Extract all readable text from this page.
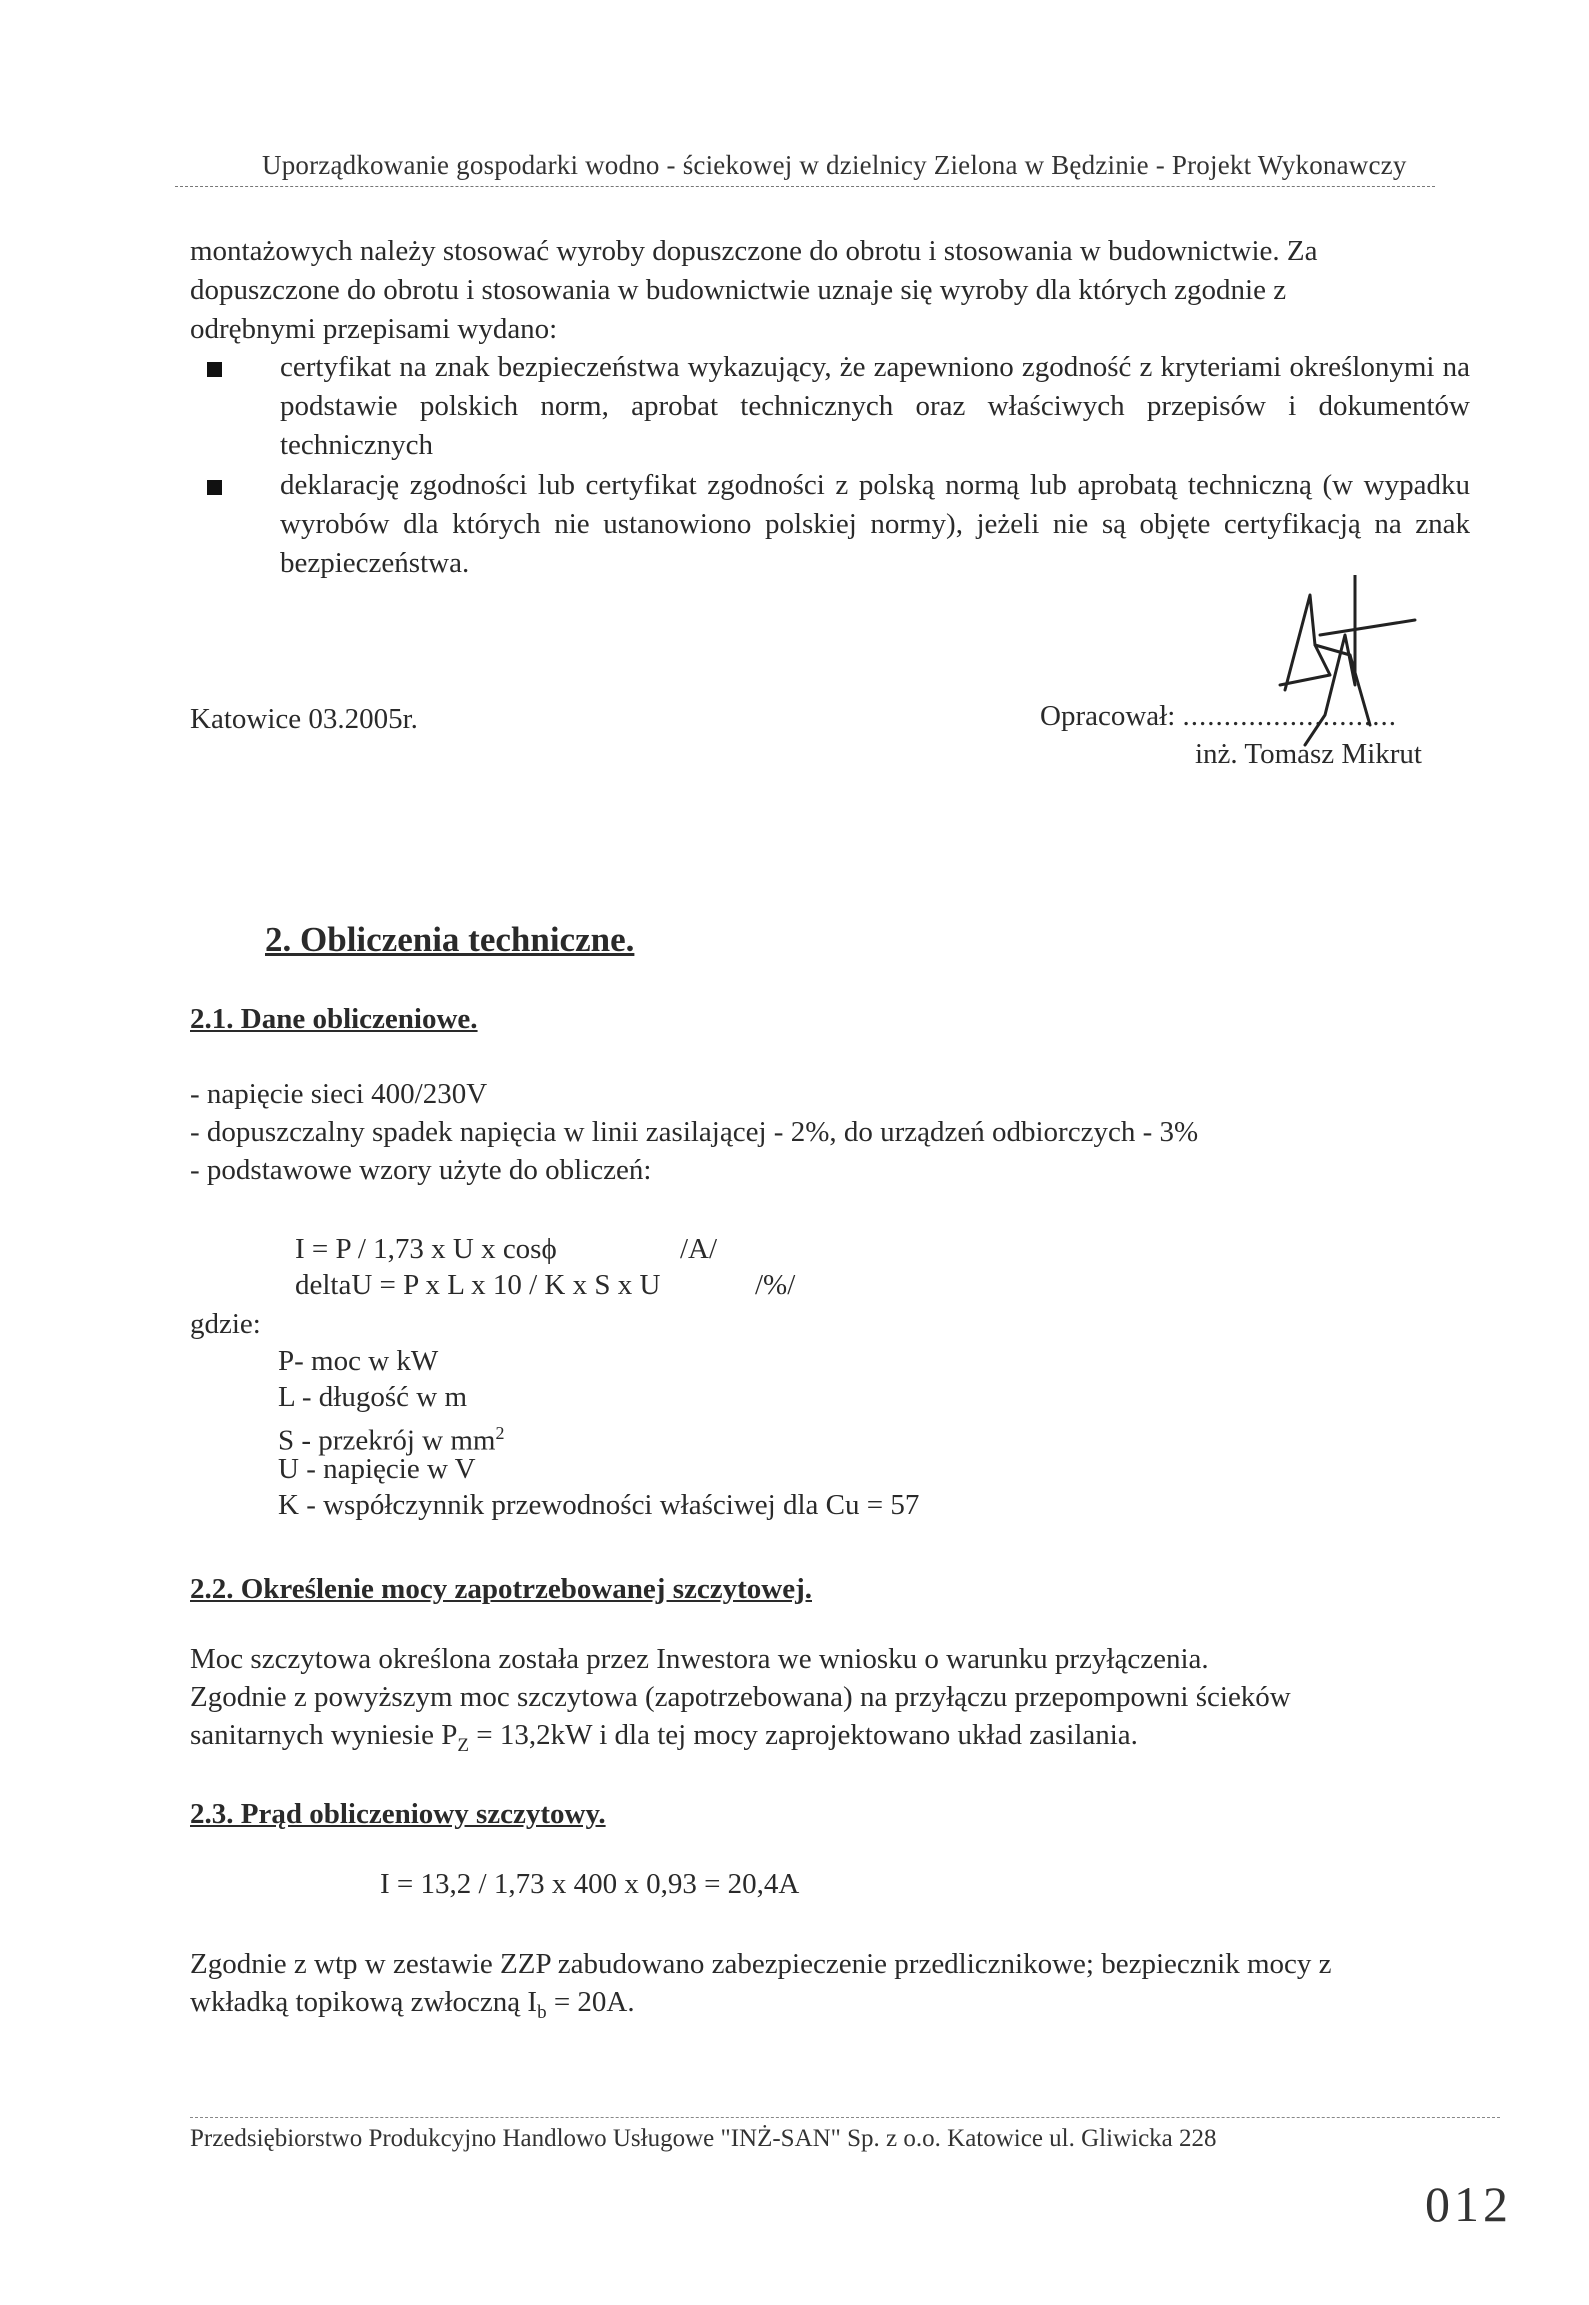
Uporządkowanie gospodarki wodno - ściekowej w dzielnicy Zielona w Będzinie - Projekt Wykonawczy
montażowych należy stosować wyroby dopuszczone do obrotu i stosowania w budownictwie. Za
dopuszczone do obrotu i stosowania w budownictwie uznaje się wyroby dla których zgodnie z
odrębnymi przepisami wydano:
certyfikat na znak bezpieczeństwa wykazujący, że zapewniono zgodność z kryteriami określonymi na podstawie polskich norm, aprobat technicznych oraz właściwych przepisów i dokumentów technicznych
deklarację zgodności lub certyfikat zgodności z polską normą lub aprobatą techniczną (w wypadku wyrobów dla których nie ustanowiono polskiej normy), jeżeli nie są objęte certyfikacją na znak bezpieczeństwa.
Katowice 03.2005r.	Opracował: ..........................
inż. Tomasz Mikrut
2. Obliczenia techniczne.
2.1. Dane obliczeniowe.
- napięcie sieci 400/230V
- dopuszczalny spadek napięcia w linii zasilającej - 2%, do urządzeń odbiorczych - 3%
- podstawowe wzory użyte do obliczeń:
I = P / 1,73 x U x cosϕ	/A/
deltaU = P x L x 10 / K x S x U	/%/
gdzie:
P- moc w kW
L - długość w m
S - przekrój w $mm^2$
U - napięcie w V
K - współczynnik przewodności właściwej dla Cu = 57
2.2. Określenie mocy zapotrzebowanej szczytowej.
Moc szczytowa określona została przez Inwestora we wniosku o warunku przyłączenia.
Zgodnie z powyższym moc szczytowa (zapotrzebowana) na przyłączu przepompowni ścieków
sanitarnych wyniesie $P_Z = 13,2kW$ i dla tej mocy zaprojektowano układ zasilania.
2.3. Prąd obliczeniowy szczytowy.
I = 13,2 / 1,73 x 400 x 0,93 = 20,4A
Zgodnie z wtp w zestawie ZZP zabudowano zabezpieczenie przedlicznikowe; bezpiecznik mocy z
wkładką topikową zwłoczną $I_b = 20A$.
Przedsiębiorstwo Produkcyjno Handlowo Usługowe "INŻ-SAN" Sp. z o.o. Katowice ul. Gliwicka 228
012
